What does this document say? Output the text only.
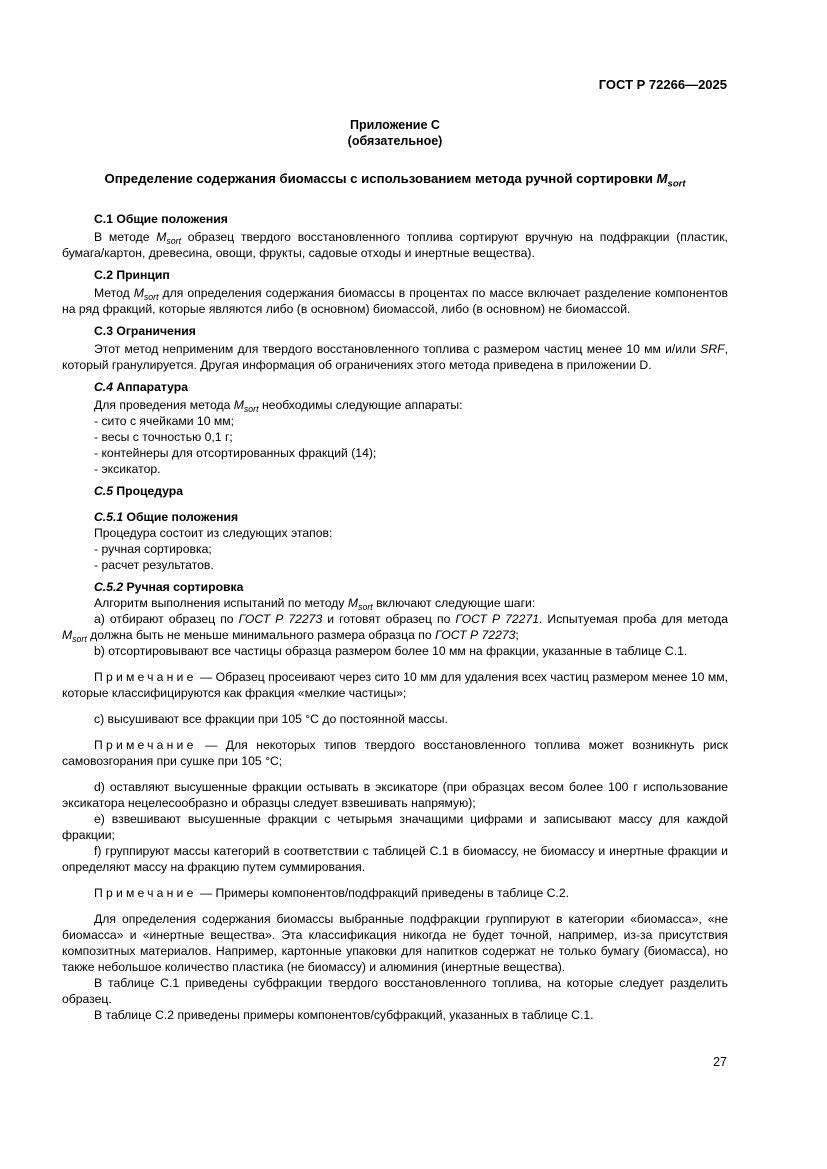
ГОСТ Р 72266—2025
Приложение С
(обязательное)
Определение содержания биомассы с использованием метода ручной сортировки $M_{sort}$
С.1 Общие положения

В методе $M_{sort}$ образец твердого восстановленного топлива сортируют вручную на подфракции (пластик, бумага/картон, древесина, овощи, фрукты, садовые отходы и инертные вещества).

С.2 Принцип

Метод $M_{sort}$ для определения содержания биомассы в процентах по массе включает разделение компонентов на ряд фракций, которые являются либо (в основном) биомассой, либо (в основном) не биомассой.

С.3 Ограничения

Этот метод неприменим для твердого восстановленного топлива с размером частиц менее 10 мм и/или SRF, который гранулируется. Другая информация об ограничениях этого метода приведена в приложении D.

С.4 Аппаратура

Для проведения метода $M_{sort}$ необходимы следующие аппараты:

- сито с ячейками 10 мм;
- весы с точностью 0,1 г;
- контейнеры для отсортированных фракций (14);
- эксикатор.
С.5 Процедура
С.5.1 Общие положения
Процедура состоит из следующих этапов:
- ручная сортировка;
- расчет результатов.
С.5.2 Ручная сортировка

Алгоритм выполнения испытаний по методу $M_{sort}$ включают следующие шаги:

а) отбирают образец по ГОСТ Р 72273 и готовят образец по ГОСТ Р 72271. Испытуемая проба для метода $M_{sort}$ должна быть не меньше минимального размера образца по ГОСТ Р 72273;

b) отсортировывают все частицы образца размером более 10 мм на фракции, указанные в таблице С.1.

Примечание — Образец просеивают через сито 10 мм для удаления всех частиц размером менее 10 мм, которые классифицируются как фракция «мелкие частицы»;

с) высушивают все фракции при 105 °С до постоянной массы.

Примечание — Для некоторых типов твердого восстановленного топлива может возникнуть риск самовозгорания при сушке при 105 °С;

d) оставляют высушенные фракции остывать в эксикаторе (при образцах весом более 100 г использование эксикатора нецелесообразно и образцы следует взвешивать напрямую);

е) взвешивают высушенные фракции с четырьмя значащими цифрами и записывают массу для каждой фракции;

f) группируют массы категорий в соответствии с таблицей С.1 в биомассу, не биомассу и инертные фракции и определяют массу на фракцию путем суммирования.

Примечание — Примеры компонентов/подфракций приведены в таблице С.2.

Для определения содержания биомассы выбранные подфракции группируют в категории «биомасса», «не биомасса» и «инертные вещества». Эта классификация никогда не будет точной, например, из-за присутствия композитных материалов. Например, картонные упаковки для напитков содержат не только бумагу (биомасса), но также небольшое количество пластика (не биомассу) и алюминия (инертные вещества).

В таблице С.1 приведены субфракции твердого восстановленного топлива, на которые следует разделить образец.

В таблице С.2 приведены примеры компонентов/субфракций, указанных в таблице С.1.

27
